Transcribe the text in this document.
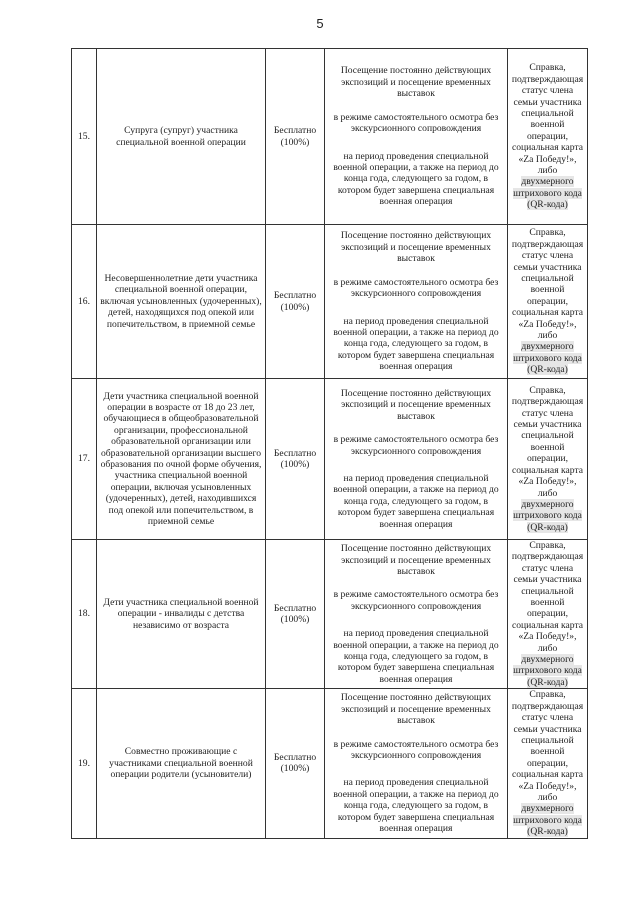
5
15.	Супруга (супруг) участника специальной военной операции	Бесплатно (100%)	Посещение постоянно действующих экспозиций и посещение временных выставок

в режиме самостоятельного осмотра без экскурсионного сопровождения

на период проведения специальной военной операции, а также на период до конца года, следующего за годом, в котором будет завершена специальная военная операция	Справка, подтверждающая статус члена семьи участника специальной военной операции, социальная карта «Zа Победу!», либо двухмерного штрихового кода (QR-кода)
16.	Несовершеннолетние дети участника специальной военной операции, включая усыновленных (удочеренных), детей, находящихся под опекой или попечительством, в приемной семье	Бесплатно (100%)	Посещение постоянно действующих экспозиций и посещение временных выставок

в режиме самостоятельного осмотра без экскурсионного сопровождения

на период проведения специальной военной операции, а также на период до конца года, следующего за годом, в котором будет завершена специальная военная операция	Справка, подтверждающая статус члена семьи участника специальной военной операции, социальная карта «Zа Победу!», либо двухмерного штрихового кода (QR-кода)
17.	Дети участника специальной военной операции в возрасте от 18 до 23 лет, обучающиеся в общеобразовательной организации, профессиональной образовательной организации или образовательной организации высшего образования по очной форме обучения, участника специальной военной операции, включая усыновленных (удочеренных), детей, находившихся под опекой или попечительством, в приемной семье	Бесплатно (100%)	

Посещение постоянно действующих экспозиций и посещение временных выставок

в режиме самостоятельного осмотра без экскурсионного сопровождения

на период проведения специальной военной операции, а также на период до конца года, следующего за годом, в котором будет завершена специальная военная операция

	Справка, подтверждающая статус члена семьи участника специальной военной операции, социальная карта «Zа Победу!», либо двухмерного штрихового кода (QR-кода)
18.	Дети участника специальной военной операции - инвалиды с детства независимо от возраста	Бесплатно (100%)	Посещение постоянно действующих экспозиций и посещение временных выставок

в режиме самостоятельного осмотра без экскурсионного сопровождения

на период проведения специальной военной операции, а также на период до конца года, следующего за годом, в котором будет завершена специальная военная операция	Справка, подтверждающая статус члена семьи участника специальной военной операции, социальная карта «Zа Победу!», либо двухмерного штрихового кода (QR-кода)
19.	Совместно проживающие с участниками специальной военной операции родители (усыновители)	Бесплатно (100%)	Посещение постоянно действующих экспозиций и посещение временных выставок

в режиме самостоятельного осмотра без экскурсионного сопровождения

на период проведения специальной военной операции, а также на период до конца года, следующего за годом, в котором будет завершена специальная военная операция	Справка, подтверждающая статус члена семьи участника специальной военной операции, социальная карта «Zа Победу!», либо двухмерного штрихового кода (QR-кода)
